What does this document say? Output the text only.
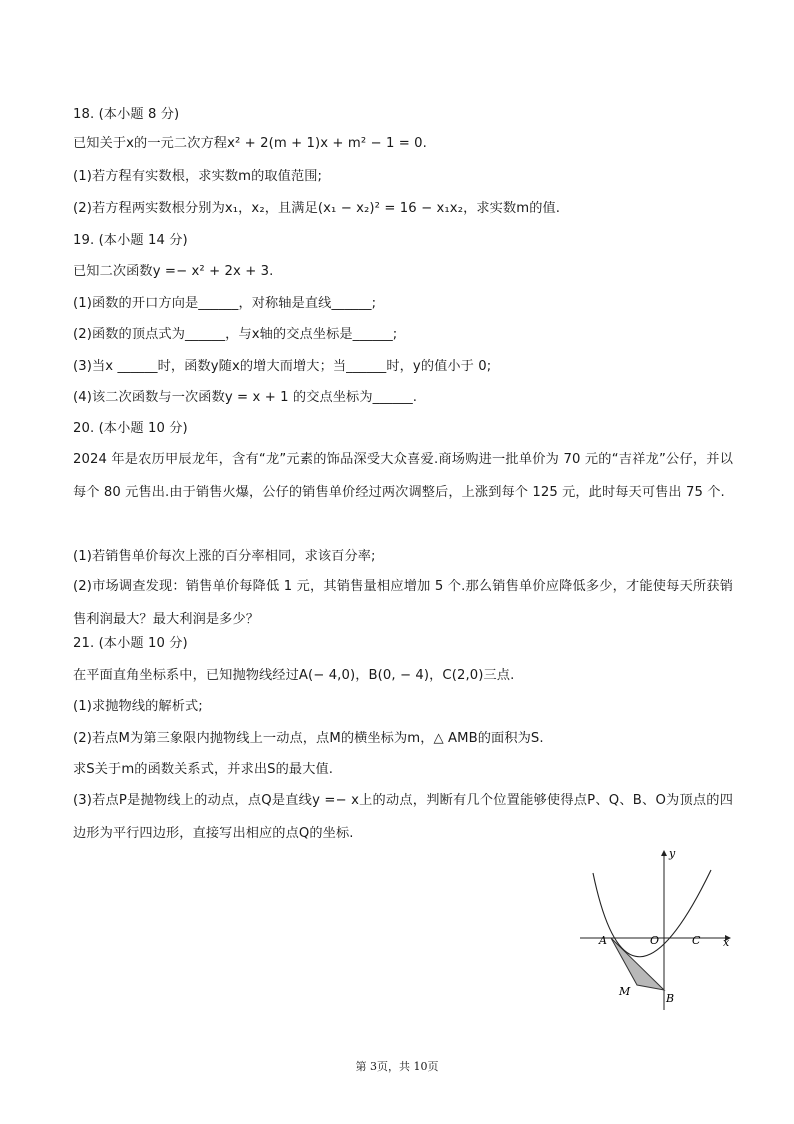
18. (本小题 8 分)
已知关于x的一元二次方程x² + 2(m + 1)x + m² − 1 = 0.
(1)若方程有实数根，求实数m的取值范围;
(2)若方程两实数根分别为x₁，x₂，且满足(x₁ − x₂)² = 16 − x₁x₂，求实数m的值.
19. (本小题 14 分)
已知二次函数y =− x² + 2x + 3.
(1)函数的开口方向是______，对称轴是直线______;
(2)函数的顶点式为______，与x轴的交点坐标是______;
(3)当x ______时，函数y随x的增大而增大；当______时，y的值小于 0;
(4)该二次函数与一次函数y = x + 1 的交点坐标为______.
20. (本小题 10 分)
2024 年是农历甲辰龙年，含有“龙”元素的饰品深受大众喜爱.商场购进一批单价为 70 元的“吉祥龙”公仔，并以每个 80 元售出.由于销售火爆，公仔的销售单价经过两次调整后，上涨到每个 125 元，此时每天可售出 75 个.
(1)若销售单价每次上涨的百分率相同，求该百分率;
(2)市场调查发现：销售单价每降低 1 元，其销售量相应增加 5 个.那么销售单价应降低多少，才能使每天所获销售利润最大？最大利润是多少？
21. (本小题 10 分)
在平面直角坐标系中，已知抛物线经过A(− 4,0)，B(0, − 4)，C(2,0)三点.
(1)求抛物线的解析式;
(2)若点M为第三象限内抛物线上一动点，点M的横坐标为m，△ AMB的面积为S.
求S关于m的函数关系式，并求出S的最大值.
(3)若点P是抛物线上的动点，点Q是直线y =− x上的动点，判断有几个位置能够使得点P、Q、B、O为顶点的四边形为平行四边形，直接写出相应的点Q的坐标.
y
x
O
A	C
M
B
第 3页，共 10页
